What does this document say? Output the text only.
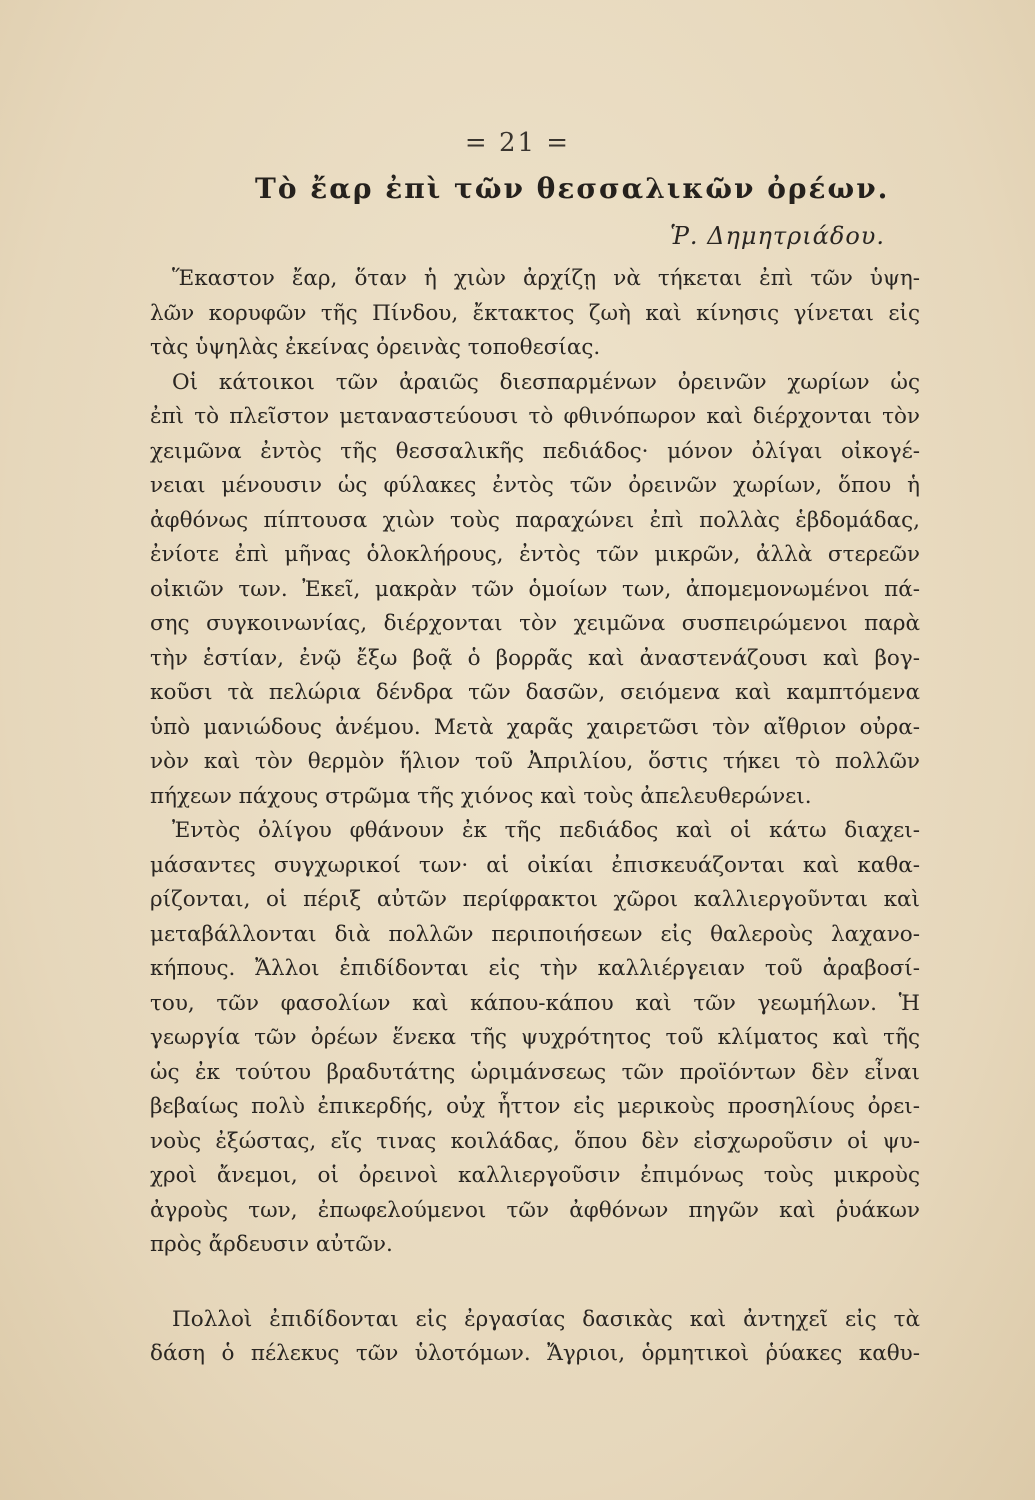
= 21 =
Τὸ ἔαρ ἐπὶ τῶν θεσσαλικῶν ὀρέων.
Ῥ. Δημητριάδου.

Ἕκαστον ἔαρ, ὅταν ἡ χιὼν ἀρχίζῃ νὰ τήκεται ἐπὶ τῶν ὑψη-
λῶν κορυφῶν τῆς Πίνδου, ἔκτακτος ζωὴ καὶ κίνησις γίνεται εἰς
τὰς ὑψηλὰς ἐκείνας ὀρεινὰς τοποθεσίας.

Οἱ κάτοικοι τῶν ἀραιῶς διεσπαρμένων ὀρεινῶν χωρίων ὡς
ἐπὶ τὸ πλεῖστον μεταναστεύουσι τὸ φθινόπωρον καὶ διέρχονται τὸν
χειμῶνα ἐντὸς τῆς θεσσαλικῆς πεδιάδος· μόνον ὀλίγαι οἰκογέ-
νειαι μένουσιν ὡς φύλακες ἐντὸς τῶν ὀρεινῶν χωρίων, ὅπου ἡ
ἀφθόνως πίπτουσα χιὼν τοὺς παραχώνει ἐπὶ πολλὰς ἑβδομάδας,
ἐνίοτε ἐπὶ μῆνας ὁλοκλήρους, ἐντὸς τῶν μικρῶν, ἀλλὰ στερεῶν
οἰκιῶν των. Ἐκεῖ, μακρὰν τῶν ὁμοίων των, ἀπομεμονωμένοι πά-
σης συγκοινωνίας, διέρχονται τὸν χειμῶνα συσπειρώμενοι παρὰ
τὴν ἑστίαν, ἐνῷ ἔξω βοᾷ ὁ βορρᾶς καὶ ἀναστενάζουσι καὶ βογ-
κοῦσι τὰ πελώρια δένδρα τῶν δασῶν, σειόμενα καὶ καμπτόμενα
ὑπὸ μανιώδους ἀνέμου. Μετὰ χαρᾶς χαιρετῶσι τὸν αἴθριον οὐρα-
νὸν καὶ τὸν θερμὸν ἥλιον τοῦ Ἀπριλίου, ὅστις τήκει τὸ πολλῶν
πήχεων πάχους στρῶμα τῆς χιόνος καὶ τοὺς ἀπελευθερώνει.

Ἐντὸς ὀλίγου φθάνουν ἐκ τῆς πεδιάδος καὶ οἱ κάτω διαχει-
μάσαντες συγχωρικοί των· αἱ οἰκίαι ἐπισκευάζονται καὶ καθα-
ρίζονται, οἱ πέριξ αὐτῶν περίφρακτοι χῶροι καλλιεργοῦνται καὶ
μεταβάλλονται διὰ πολλῶν περιποιήσεων εἰς θαλεροὺς λαχανο-
κήπους. Ἄλλοι ἐπιδίδονται εἰς τὴν καλλιέργειαν τοῦ ἀραβοσί-
του, τῶν φασολίων καὶ κάπου-κάπου καὶ τῶν γεωμήλων. Ἡ
γεωργία τῶν ὀρέων ἕνεκα τῆς ψυχρότητος τοῦ κλίματος καὶ τῆς
ὡς ἐκ τούτου βραδυτάτης ὡριμάνσεως τῶν προϊόντων δὲν εἶναι
βεβαίως πολὺ ἐπικερδής, οὐχ ἧττον εἰς μερικοὺς προσηλίους ὀρει-
νοὺς ἐξώστας, εἴς τινας κοιλάδας, ὅπου δὲν εἰσχωροῦσιν οἱ ψυ-
χροὶ ἄνεμοι, οἱ ὀρεινοὶ καλλιεργοῦσιν ἐπιμόνως τοὺς μικροὺς
ἀγροὺς των, ἐπωφελούμενοι τῶν ἀφθόνων πηγῶν καὶ ῥυάκων
πρὸς ἄρδευσιν αὐτῶν.

Πολλοὶ ἐπιδίδονται εἰς ἐργασίας δασικὰς καὶ ἀντηχεῖ εἰς τὰ
δάση ὁ πέλεκυς τῶν ὑλοτόμων. Ἄγριοι, ὁρμητικοὶ ῥύακες καθυ-
